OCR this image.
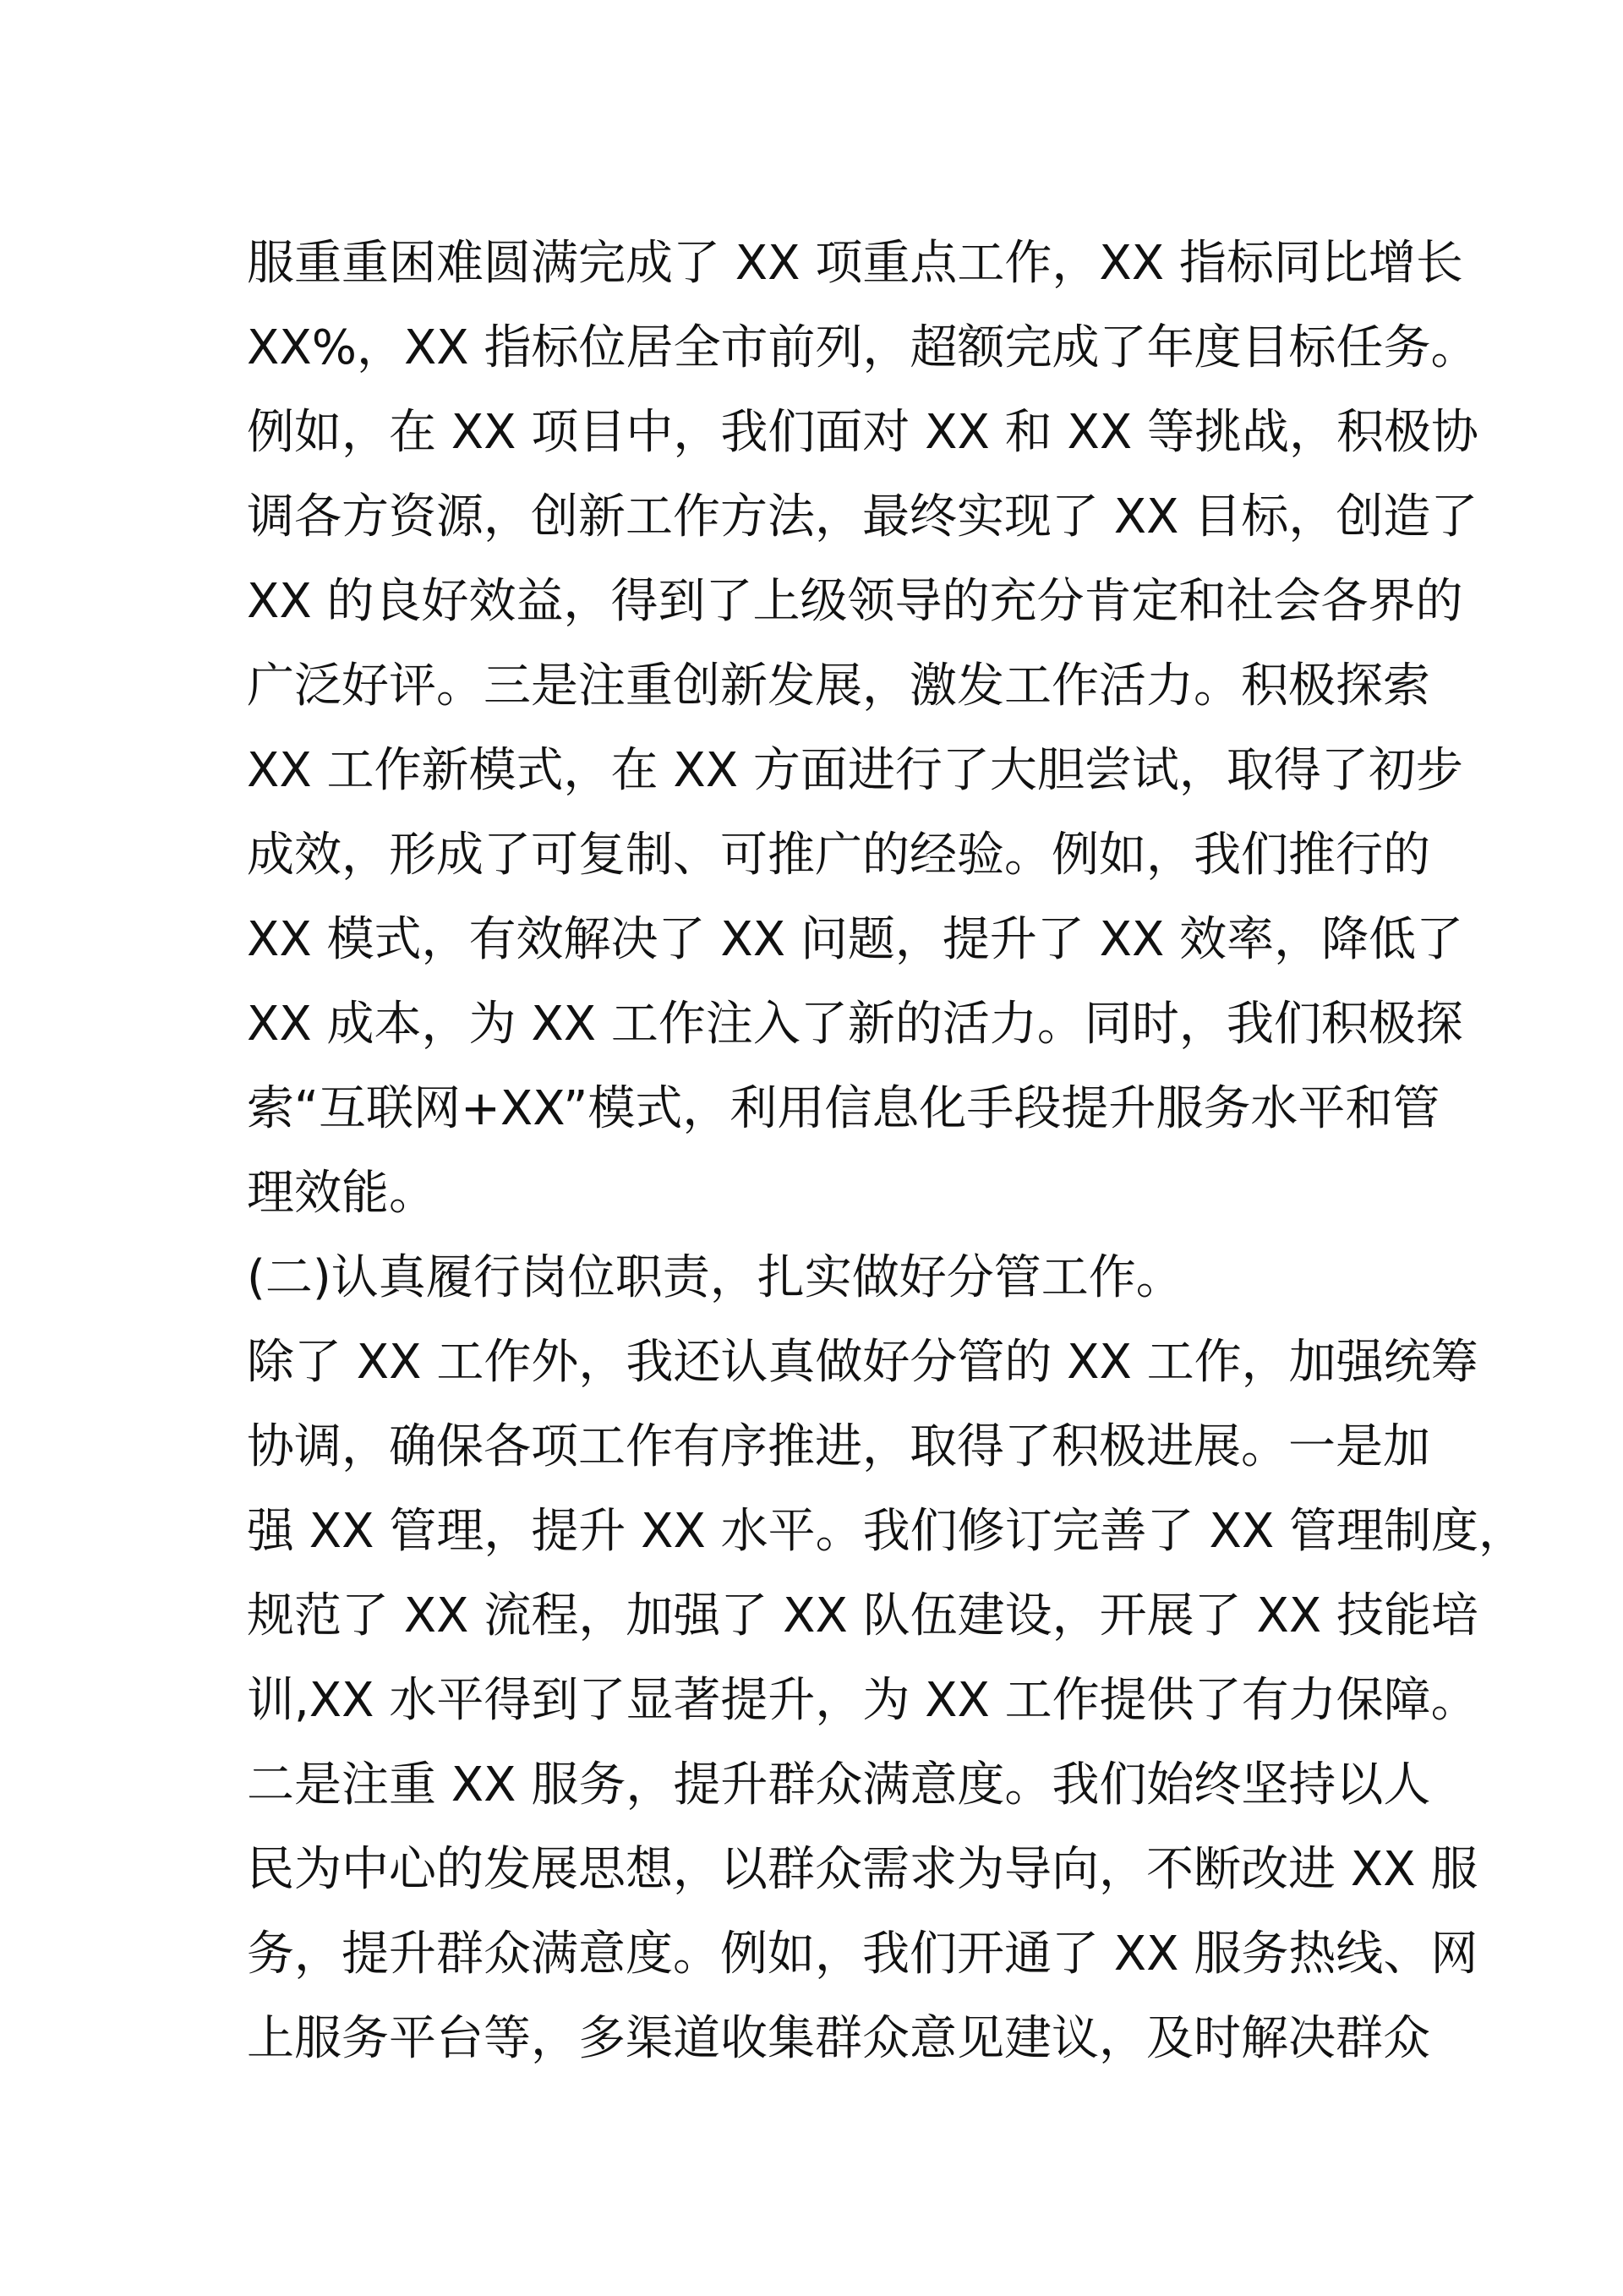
服重重困难圆满完成了 XX 项重点工作，XX 指标同比增长
XX%，XX 指标位居全市前列，超额完成了年度目标任务。
例如，在 XX 项目中，我们面对 XX 和 XX 等挑战，积极协
调各方资源，创新工作方法，最终实现了 XX 目标，创造了
XX 的良好效益，得到了上级领导的充分肯定和社会各界的
广泛好评。三是注重创新发展，激发工作活力。积极探索
XX 工作新模式，在 XX 方面进行了大胆尝试，取得了初步
成效，形成了可复制、可推广的经验。例如，我们推行的
XX 模式，有效解决了 XX 问题，提升了 XX 效率，降低了
XX 成本，为 XX 工作注入了新的活力。同时，我们积极探
索“互联网+XX”模式，利用信息化手段提升服务水平和管
理效能。
(二)认真履行岗位职责，扎实做好分管工作。
除了 XX 工作外，我还认真做好分管的 XX 工作，加强统筹
协调，确保各项工作有序推进，取得了积极进展。一是加
强 XX 管理，提升 XX 水平。我们修订完善了 XX 管理制度，
规范了 XX 流程，加强了 XX 队伍建设，开展了 XX 技能培
训,XX 水平得到了显著提升，为 XX 工作提供了有力保障。
二是注重 XX 服务，提升群众满意度。我们始终坚持以人
民为中心的发展思想，以群众需求为导向，不断改进 XX 服
务，提升群众满意度。例如，我们开通了 XX 服务热线、网
上服务平台等，多渠道收集群众意见建议，及时解决群众
